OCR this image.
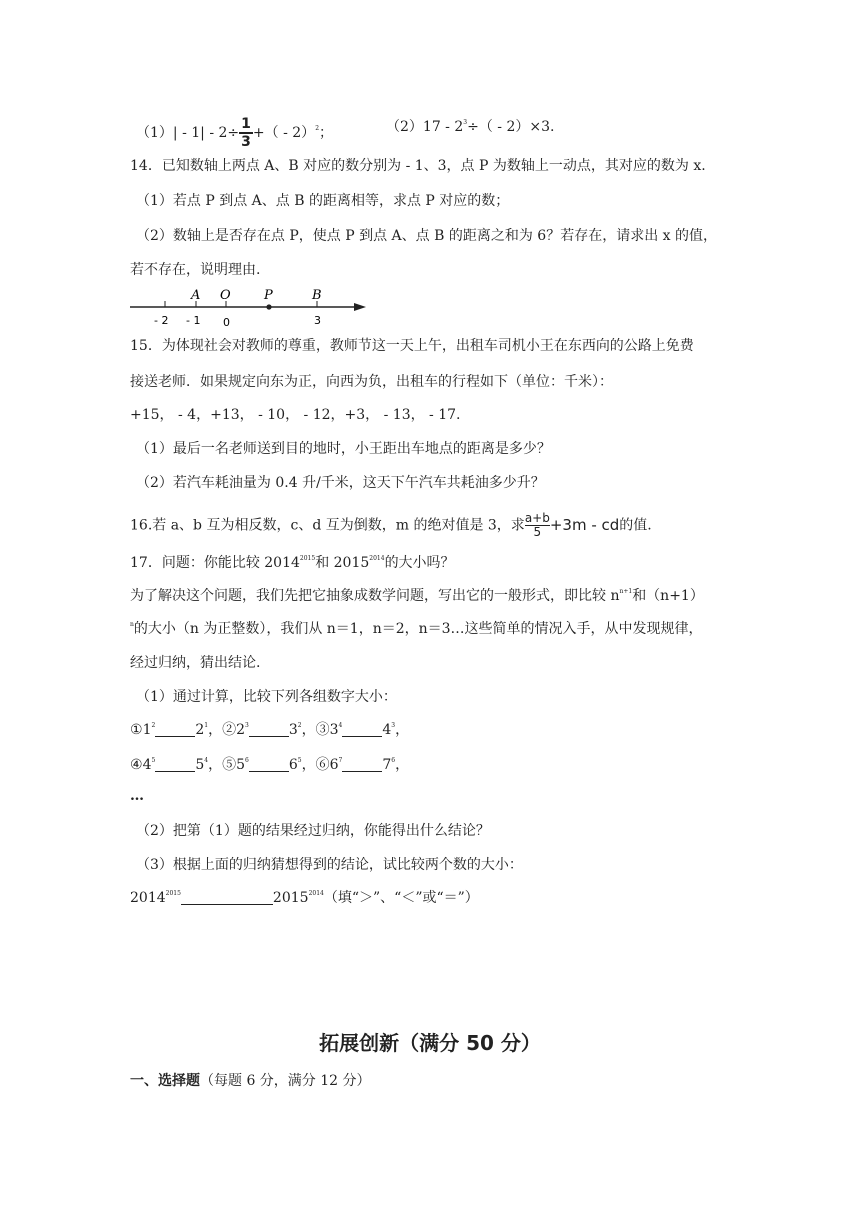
（1）| ‑ 1| ‑ $2\div \frac{1}{3}$ +（ ‑ 2）$^2$；	（2）17 ‑ $2^3\div$（ ‑ 2）×3.
14．已知数轴上两点 A、B 对应的数分别为 ‑ 1、3，点 P 为数轴上一动点，其对应的数为 x.
（1）若点 P 到点 A、点 B 的距离相等，求点 P 对应的数；
（2）数轴上是否存在点 P，使点 P 到点 A、点 B 的距离之和为 6？若存在，请求出 x 的值，
若不存在，说明理由.
A O	P	B
‑ 2 ‑ 1 0	3
15．为体现社会对教师的尊重，教师节这一天上午，出租车司机小王在东西向的公路上免费
接送老师．如果规定向东为正，向西为负，出租车的行程如下（单位：千米）：
+15， ‑ 4，+13， ‑ 10， ‑ 12，+3， ‑ 13， ‑ 17.
（1）最后一名老师送到目的地时，小王距出车地点的距离是多少？
（2）若汽车耗油量为 0.4 升/千米，这天下午汽车共耗油多少升？
16.若 a、b 互为相反数，c、d 互为倒数，m 的绝对值是 3，求 $\frac{a+b}{5} +3m$ ‑ cd的值.
17．问题：你能比较 $2014^{2015}$和 $2015^{2014}$的大小吗？
为了解决这个问题，我们先把它抽象成数学问题，写出它的一般形式，即比较 $n^{n+1}$和（n+1）
$^n$的大小（n 为正整数），我们从 n＝1，n＝2，n＝3…这些简单的情况入手，从中发现规律，
经过归纳，猜出结论.
（1）通过计算，比较下列各组数字大小：
$①1^2$	$2^1$，$②2^3$	$3^2$，$③3^4$	$4^3$，
$④4^5$	$5^4$，$⑤5^6$	$6^5$，$⑥6^7$	$7^6$，
…
（2）把第（1）题的结果经过归纳，你能得出什么结论？
（3）根据上面的归纳猜想得到的结论，试比较两个数的大小：
$2014^{2015}$	$2015^{2014}$（填“＞”、“＜”或“＝”）
拓展创新（满分 50 分）
一、选择题（每题 6 分，满分 12 分）
